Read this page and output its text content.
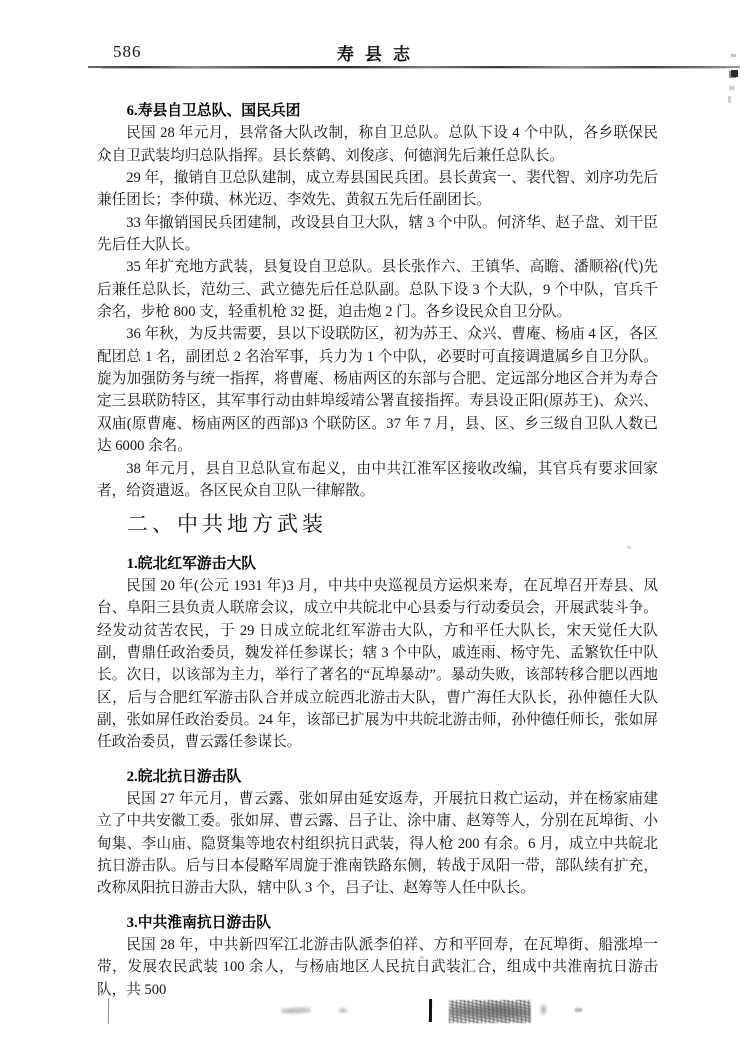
586	寿县志
6.寿县自卫总队、国民兵团

民国 28 年元月，县常备大队改制，称自卫总队。总队下设 4 个中队，各乡联保民众自卫武装均归总队指挥。县长蔡鹤、刘俊彦、何德润先后兼任总队长。

29 年，撤销自卫总队建制，成立寿县国民兵团。县长黄宾一、裴代智、刘序功先后兼任团长；李仲璜、林光迈、李效先、黄叙五先后任副团长。

33 年撤销国民兵团建制，改设县自卫大队，辖 3 个中队。何济华、赵子盘、刘干臣先后任大队长。

35 年扩充地方武装，县复设自卫总队。县长张作六、王镇华、高瞻、潘顺裕(代)先后兼任总队长，范幼三、武立德先后任总队副。总队下设 3 个大队，9 个中队，官兵千余名，步枪 800 支，轻重机枪 32 挺，迫击炮 2 门。各乡设民众自卫分队。

36 年秋，为反共需要，县以下设联防区，初为苏王、众兴、曹庵、杨庙 4 区，各区配团总 1 名，副团总 2 名治军事，兵力为 1 个中队，必要时可直接调遣属乡自卫分队。旋为加强防务与统一指挥，将曹庵、杨庙两区的东部与合肥、定远部分地区合并为寿合定三县联防特区，其军事行动由蚌埠绥靖公署直接指挥。寿县设正阳(原苏王)、众兴、双庙(原曹庵、杨庙两区的西部)3 个联防区。37 年 7 月，县、区、乡三级自卫队人数已达 6000 余名。

38 年元月，县自卫总队宣布起义，由中共江淮军区接收改编，其官兵有要求回家者，给资遣返。各区民众自卫队一律解散。

二、中共地方武装
1.皖北红军游击大队

民国 20 年(公元 1931 年)3 月，中共中央巡视员方运炽来寿，在瓦埠召开寿县、凤台、阜阳三县负责人联席会议，成立中共皖北中心县委与行动委员会，开展武装斗争。经发动贫苦农民，于 29 日成立皖北红军游击大队，方和平任大队长，宋天觉任大队副，曹鼎任政治委员，魏发祥任参谋长；辖 3 个中队，戚连雨、杨守先、孟繁钦任中队长。次日，以该部为主力，举行了著名的“瓦埠暴动”。暴动失败，该部转移合肥以西地区，后与合肥红军游击队合并成立皖西北游击大队，曹广海任大队长，孙仲德任大队副，张如屏任政治委员。24 年，该部已扩展为中共皖北游击师，孙仲德任师长，张如屏任政治委员，曹云露任参谋长。

2.皖北抗日游击队

民国 27 年元月，曹云露、张如屏由延安返寿，开展抗日救亡运动，并在杨家庙建立了中共安徽工委。张如屏、曹云露、吕子让、涂中庸、赵筹等人，分别在瓦埠街、小甸集、李山庙、隐贤集等地农村组织抗日武装，得人枪 200 有余。6 月，成立中共皖北抗日游击队。后与日本侵略军周旋于淮南铁路东侧，转战于凤阳一带，部队续有扩充，改称凤阳抗日游击大队，辖中队 3 个，吕子让、赵筹等人任中队长。

3.中共淮南抗日游击队

民国 28 年，中共新四军江北游击队派李伯祥、方和平回寿，在瓦埠街、船涨埠一带，发展农民武装 100 余人，与杨庙地区人民抗日武装汇合，组成中共淮南抗日游击队，共 500
